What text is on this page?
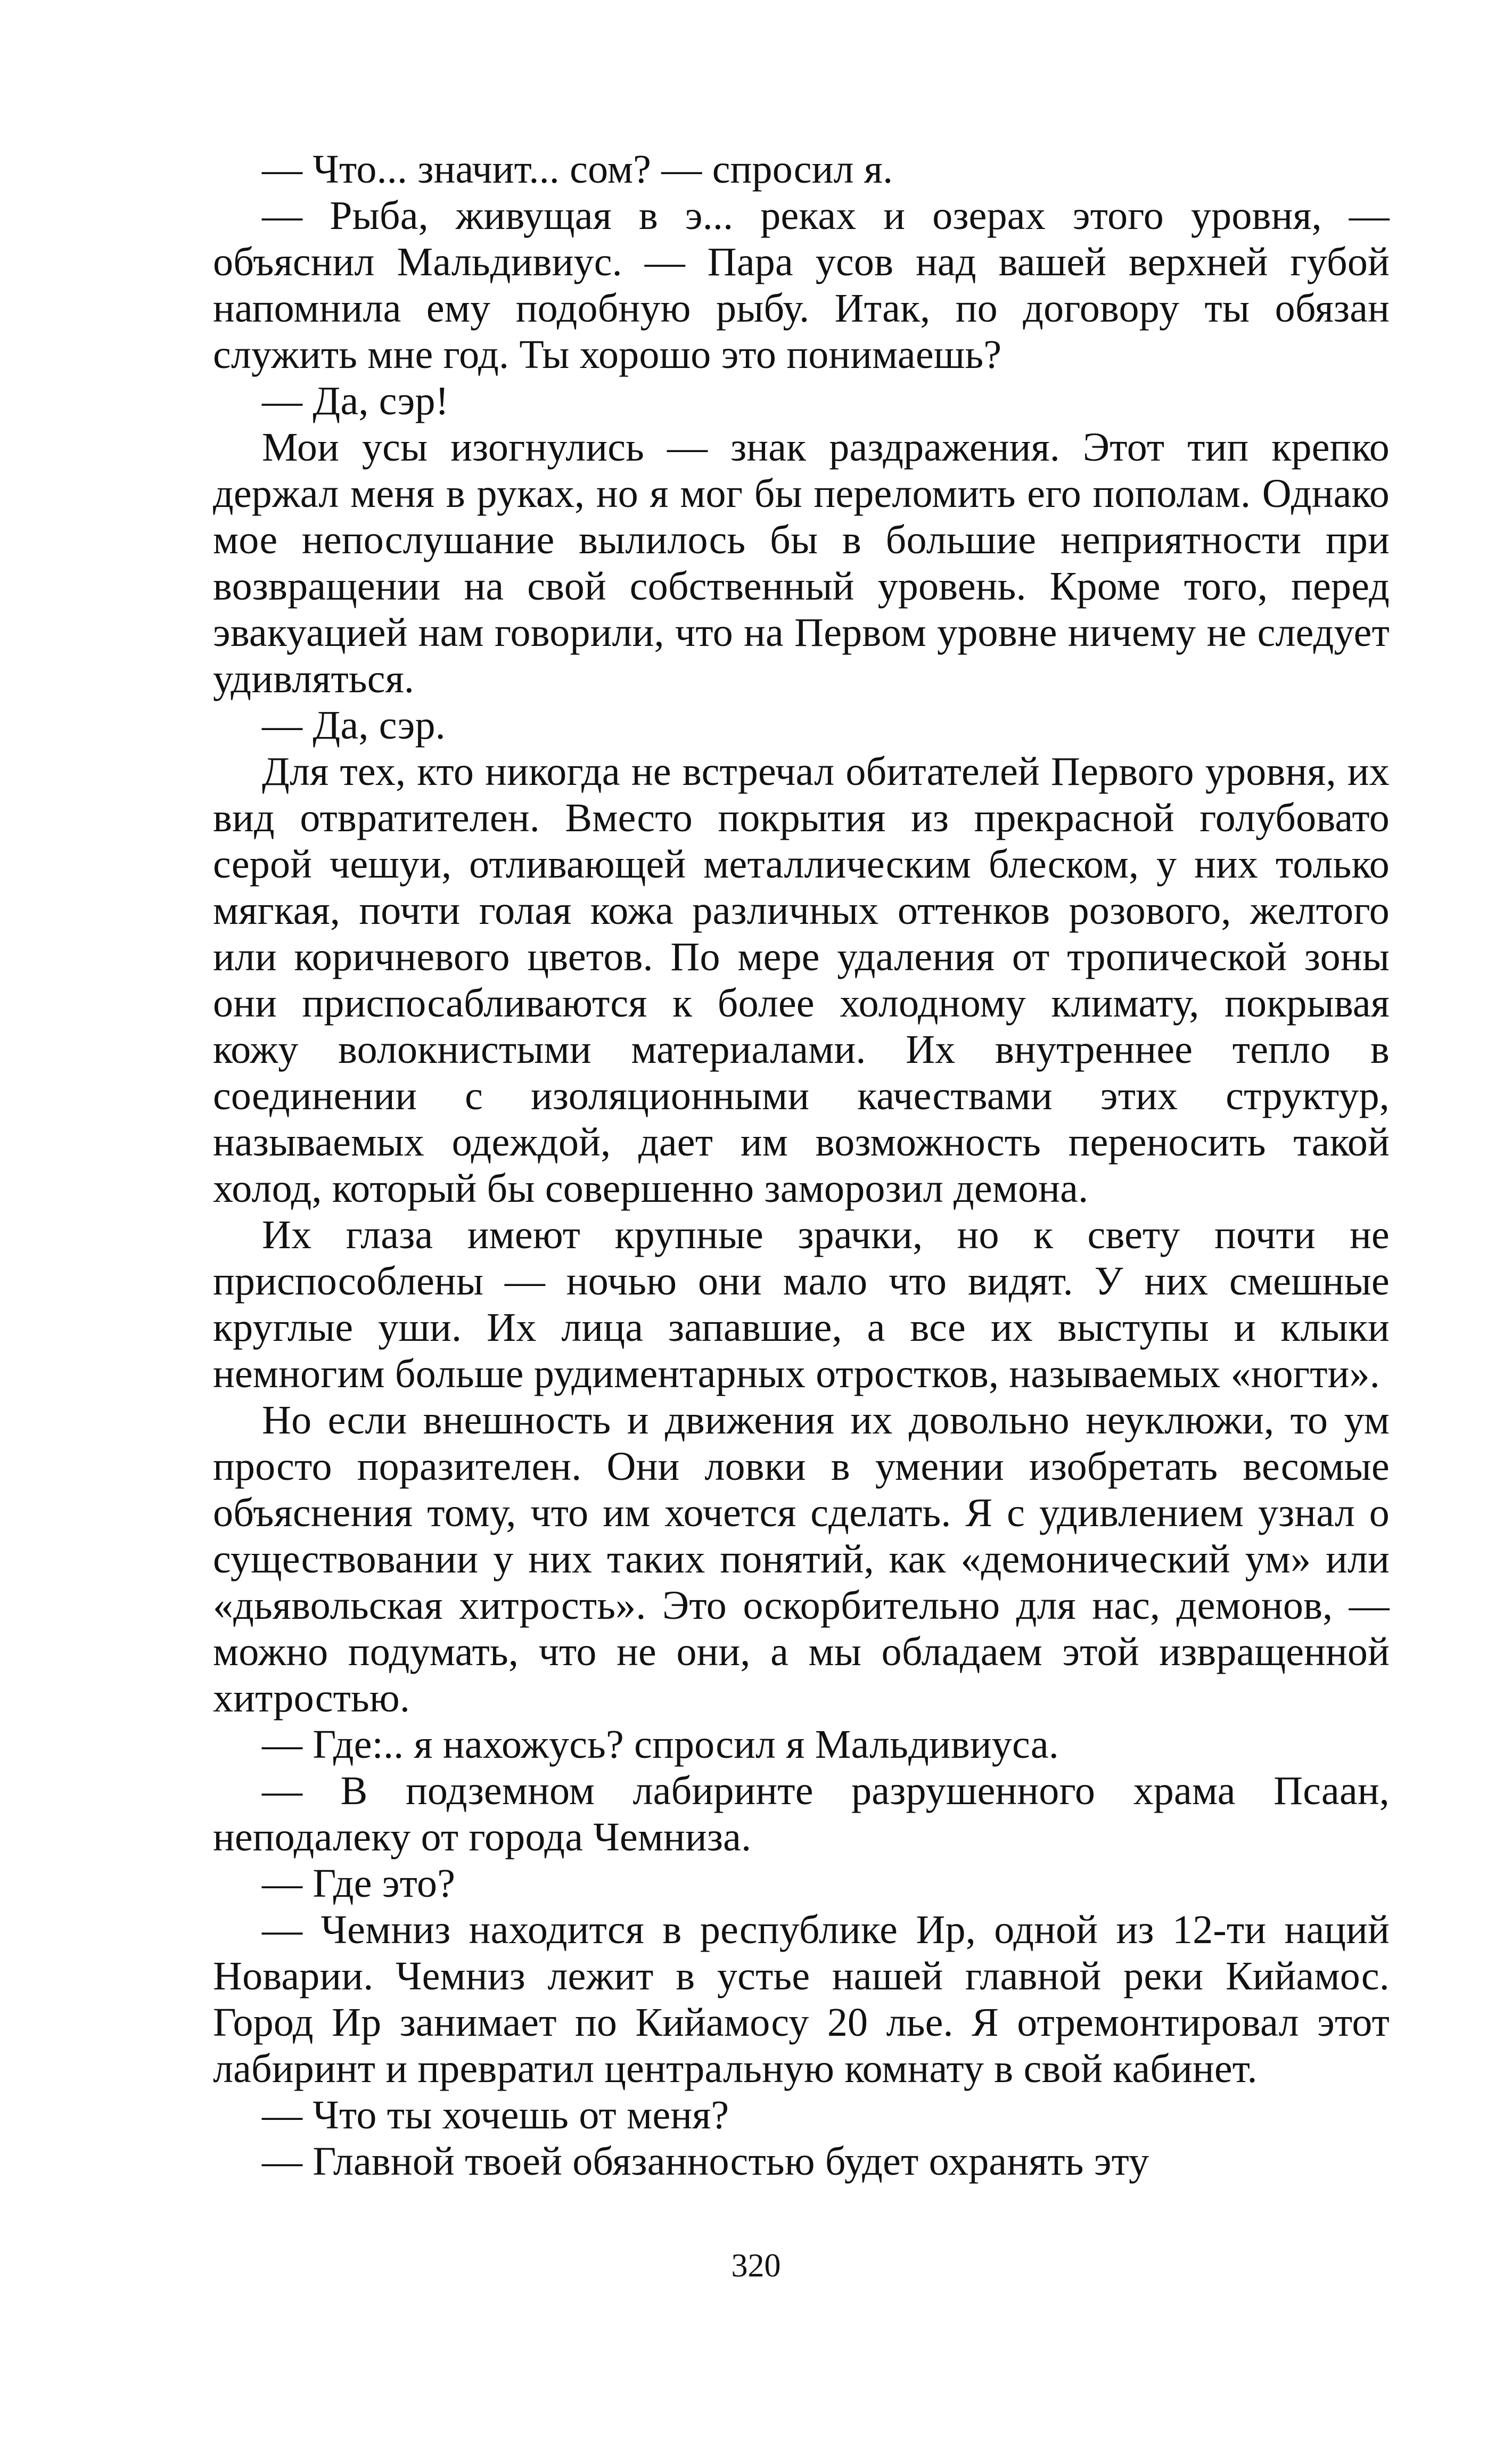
— Что... значит... сом? — спросил я.

— Рыба, живущая в э... реках и озерах этого уровня, — объяснил Мальдивиус. — Пара усов над вашей верхней губой напомнила ему подобную рыбу. Итак, по договору ты обязан служить мне год. Ты хорошо это понимаешь?

— Да, сэр!

Мои усы изогнулись — знак раздражения. Этот тип крепко держал меня в руках, но я мог бы переломить его пополам. Однако мое непослушание вылилось бы в большие неприятности при возвращении на свой собственный уровень. Кроме того, перед эвакуацией нам говорили, что на Первом уровне ничему не следует удивляться.

— Да, сэр.

Для тех, кто никогда не встречал обитателей Первого уровня, их вид отвратителен. Вместо покрытия из прекрасной голубовато серой чешуи, отливающей металлическим блеском, у них только мягкая, почти голая кожа различных оттенков розового, желтого или коричневого цветов. По мере удаления от тропической зоны они приспосабливаются к более холодному климату, покрывая кожу волокнистыми материалами. Их внутреннее тепло в соединении с изоляционными качествами этих структур, называемых одеждой, дает им возможность переносить такой холод, который бы совершенно заморозил демона.

Их глаза имеют крупные зрачки, но к свету почти не приспособлены — ночью они мало что видят. У них смешные круглые уши. Их лица запавшие, а все их выступы и клыки немногим больше рудиментарных отростков, называемых «ногти».

Но если внешность и движения их довольно неуклюжи, то ум просто поразителен. Они ловки в умении изобретать весомые объяснения тому, что им хочется сделать. Я с удивлением узнал о существовании у них таких понятий, как «демонический ум» или «дьявольская хитрость». Это оскорбительно для нас, демонов, — можно подумать, что не они, а мы обладаем этой извращенной хитростью.

— Где:.. я нахожусь? спросил я Мальдивиуса.

— В подземном лабиринте разрушенного храма Псаан, неподалеку от города Чемниза.

— Где это?

— Чемниз находится в республике Ир, одной из 12-ти наций Новарии. Чемниз лежит в устье нашей главной реки Кийамос. Город Ир занимает по Кийамосу 20 лье. Я отремонтировал этот лабиринт и превратил центральную комнату в свой кабинет.

— Что ты хочешь от меня?

— Главной твоей обязанностью будет охранять эту

320
